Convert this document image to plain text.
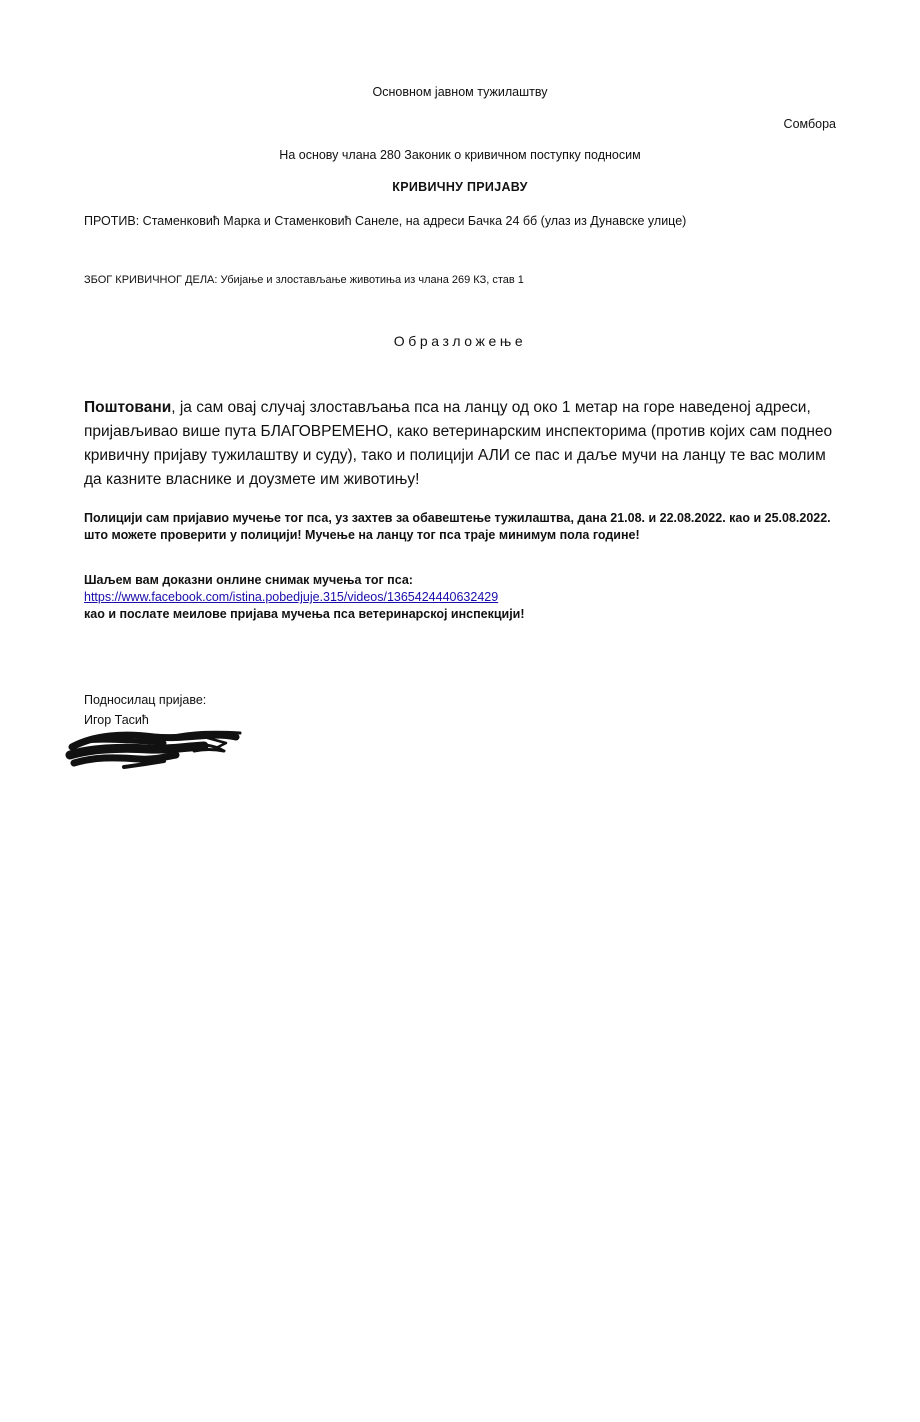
Основном јавном тужилаштву
Сомбора
На основу члана 280 Законик о кривичном поступку подносим
КРИВИЧНУ ПРИЈАВУ
ПРОТИВ: Стаменковић Марка и Стаменковић Санеле, на адреси Бачка 24 бб (улаз из Дунавске улице)
ЗБОГ КРИВИЧНОГ ДЕЛА: Убијање и злостављање животиња из члана 269 КЗ, став 1
Образложење
Поштовани, ја сам овај случај злостављања пса на ланцу од око 1 метар на горе наведеној адреси, пријављивао више пута БЛАГОВРЕМЕНО, како ветеринарским инспекторима (против којих сам поднео кривичну пријаву тужилаштву и суду), тако и полицији АЛИ се пас и даље мучи на ланцу те вас молим да казните власнике и доузмете им животињу!
Полицији сам пријавио мучење тог пса, уз захтев за обавештење тужилаштва, дана 21.08. и 22.08.2022. као и 25.08.2022. што можете проверити у полицији! Мучење на ланцу тог пса траје минимум пола године!
Шаљем вам доказни онлине снимак мучења тог пса:
https://www.facebook.com/istina.pobedjuje.315/videos/1365424440632429
као и послате меилове пријава мучења пса ветеринарској инспекцији!
Подносилац пријаве:
Игор Тасић
